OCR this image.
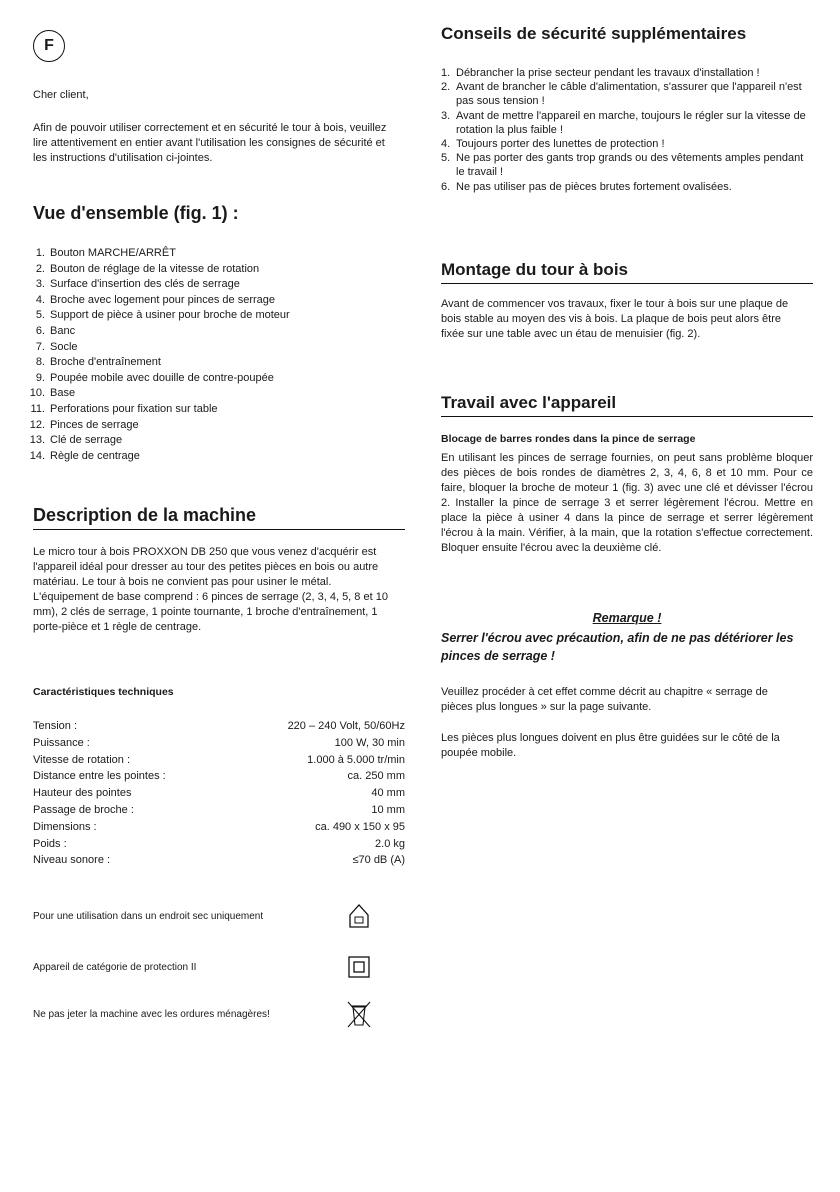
F

Cher client,

Afin de pouvoir utiliser correctement et en sécurité le tour à bois, veuillez lire attentivement en entier avant l'utilisation les consignes de sécurité et les instructions d'utilisation ci-jointes.

Vue d'ensemble (fig. 1) :
1. Bouton MARCHE/ARRÊT
2. Bouton de réglage de la vitesse de rotation
3. Surface d'insertion des clés de serrage
4. Broche avec logement pour pinces de serrage
5. Support de pièce à usiner pour broche de moteur
6. Banc
7. Socle
8. Broche d'entraînement
9. Poupée mobile avec douille de contre-poupée
10. Base
11. Perforations pour fixation sur table
12. Pinces de serrage
13. Clé de serrage
14. Règle de centrage
Description de la machine

Le micro tour à bois PROXXON DB 250 que vous venez d'acquérir est l'appareil idéal pour dresser au tour des petites pièces en bois ou autre matériau. Le tour à bois ne convient pas pour usiner le métal. L'équipement de base comprend : 6 pinces de serrage (2, 3, 4, 5, 8 et 10 mm), 2 clés de serrage, 1 pointe tournante, 1 broche d'entraînement, 1 porte-pièce et 1 règle de centrage.

Caractéristiques techniques

Tension :	220 – 240 Volt, 50/60Hz
Puissance :	100 W, 30 min
Vitesse de rotation :	1.000 à 5.000 tr/min
Distance entre les pointes :	ca. 250 mm
Hauteur des pointes	40 mm
Passage de broche :	10 mm
Dimensions :	ca. 490 x 150 x 95
Poids :	2.0 kg
Niveau sonore :	≤70 dB (A)
Pour une utilisation dans un endroit sec uniquement
Appareil de catégorie de protection II
Ne pas jeter la machine avec les ordures ménagères!
Conseils de sécurité supplémentaires
1. Débrancher la prise secteur pendant les travaux d'installation !
2. Avant de brancher le câble d'alimentation, s'assurer que l'appareil n'est pas sous tension !
3. Avant de mettre l'appareil en marche, toujours le régler sur la vitesse de rotation la plus faible !
4. Toujours porter des lunettes de protection !
5. Ne pas porter des gants trop grands ou des vêtements amples pendant le travail !
6. Ne pas utiliser pas de pièces brutes fortement ovalisées.
Montage du tour à bois

Avant de commencer vos travaux, fixer le tour à bois sur une plaque de bois stable au moyen des vis à bois. La plaque de bois peut alors être fixée sur une table avec un étau de menuisier (fig. 2).

Travail avec l'appareil

Blocage de barres rondes dans la pince de serrage

En utilisant les pinces de serrage fournies, on peut sans problème bloquer des pièces de bois rondes de diamètres 2, 3, 4, 6, 8 et 10 mm. Pour ce faire, bloquer la broche de moteur 1 (fig. 3) avec une clé et dévisser l'écrou 2. Installer la pince de serrage 3 et serrer légèrement l'écrou. Mettre en place la pièce à usiner 4 dans la pince de serrage et serrer légèrement l'écrou à la main. Vérifier, à la main, que la rotation s'effectue correctement. Bloquer ensuite l'écrou avec la deuxième clé.

Remarque !

Serrer l'écrou avec précaution, afin de ne pas détériorer les pinces de serrage !

Veuillez procéder à cet effet comme décrit au chapitre « serrage de pièces plus longues » sur la page suivante.

Les pièces plus longues doivent en plus être guidées sur le côté de la poupée mobile.
